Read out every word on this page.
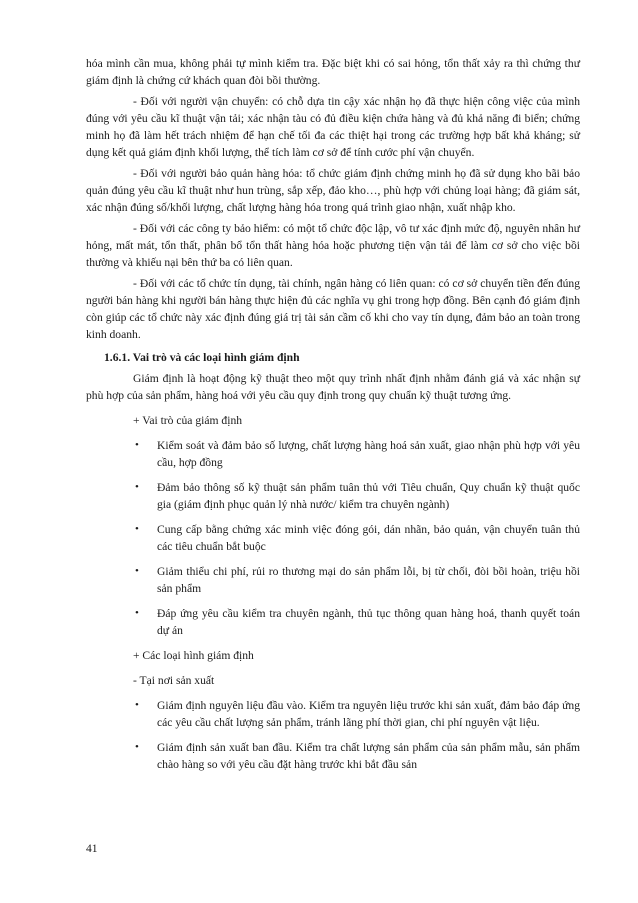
hóa mình cần mua, không phải tự mình kiểm tra. Đặc biệt khi có sai hỏng, tổn thất xảy ra thì chứng thư giám định là chứng cứ khách quan đòi bồi thường.

- Đối với người vận chuyển: có chỗ dựa tin cậy xác nhận họ đã thực hiện công việc của mình đúng với yêu cầu kĩ thuật vận tải; xác nhận tàu có đủ điều kiện chứa hàng và đủ khả năng đi biển; chứng minh họ đã làm hết trách nhiệm để hạn chế tối đa các thiệt hại trong các trường hợp bất khả kháng; sử dụng kết quả giám định khối lượng, thể tích làm cơ sở để tính cước phí vận chuyển.

- Đối với người bảo quản hàng hóa: tổ chức giám định chứng minh họ đã sử dụng kho bãi bảo quản đúng yêu cầu kĩ thuật như hun trùng, sắp xếp, đảo kho…, phù hợp với chủng loại hàng; đã giám sát, xác nhận đúng số/khối lượng, chất lượng hàng hóa trong quá trình giao nhận, xuất nhập kho.

- Đối với các công ty bảo hiểm: có một tổ chức độc lập, vô tư xác định mức độ, nguyên nhân hư hỏng, mất mát, tổn thất, phân bổ tổn thất hàng hóa hoặc phương tiện vận tải để làm cơ sở cho việc bồi thường và khiếu nại bên thứ ba có liên quan.

- Đối với các tổ chức tín dụng, tài chính, ngân hàng có liên quan: có cơ sở chuyển tiền đến đúng người bán hàng khi người bán hàng thực hiện đủ các nghĩa vụ ghi trong hợp đồng. Bên cạnh đó giám định còn giúp các tổ chức này xác định đúng giá trị tài sản cầm cố khi cho vay tín dụng, đảm bảo an toàn trong kinh doanh.

1.6.1. Vai trò và các loại hình giám định

Giám định là hoạt động kỹ thuật theo một quy trình nhất định nhằm đánh giá và xác nhận sự phù hợp của sản phẩm, hàng hoá với yêu cầu quy định trong quy chuẩn kỹ thuật tương ứng.

+ Vai trò của giám định

• Kiểm soát và đảm bảo số lượng, chất lượng hàng hoá sản xuất, giao nhận phù hợp với yêu cầu, hợp đồng
• Đảm bảo thông số kỹ thuật sản phẩm tuân thủ với Tiêu chuẩn, Quy chuẩn kỹ thuật quốc gia (giám định phục quản lý nhà nước/ kiểm tra chuyên ngành)
• Cung cấp bằng chứng xác minh việc đóng gói, dán nhãn, bảo quản, vận chuyển tuân thủ các tiêu chuẩn bắt buộc
• Giảm thiểu chi phí, rủi ro thương mại do sản phẩm lỗi, bị từ chối, đòi bồi hoàn, triệu hồi sản phẩm
• Đáp ứng yêu cầu kiểm tra chuyên ngành, thủ tục thông quan hàng hoá, thanh quyết toán dự án

+ Các loại hình giám định

- Tại nơi sản xuất

• Giám định nguyên liệu đầu vào. Kiểm tra nguyên liệu trước khi sản xuất, đảm bảo đáp ứng các yêu cầu chất lượng sản phẩm, tránh lãng phí thời gian, chi phí nguyên vật liệu.
• Giám định sản xuất ban đầu. Kiểm tra chất lượng sản phẩm của sản phẩm mẫu, sản phẩm chào hàng so với yêu cầu đặt hàng trước khi bắt đầu sản
41
